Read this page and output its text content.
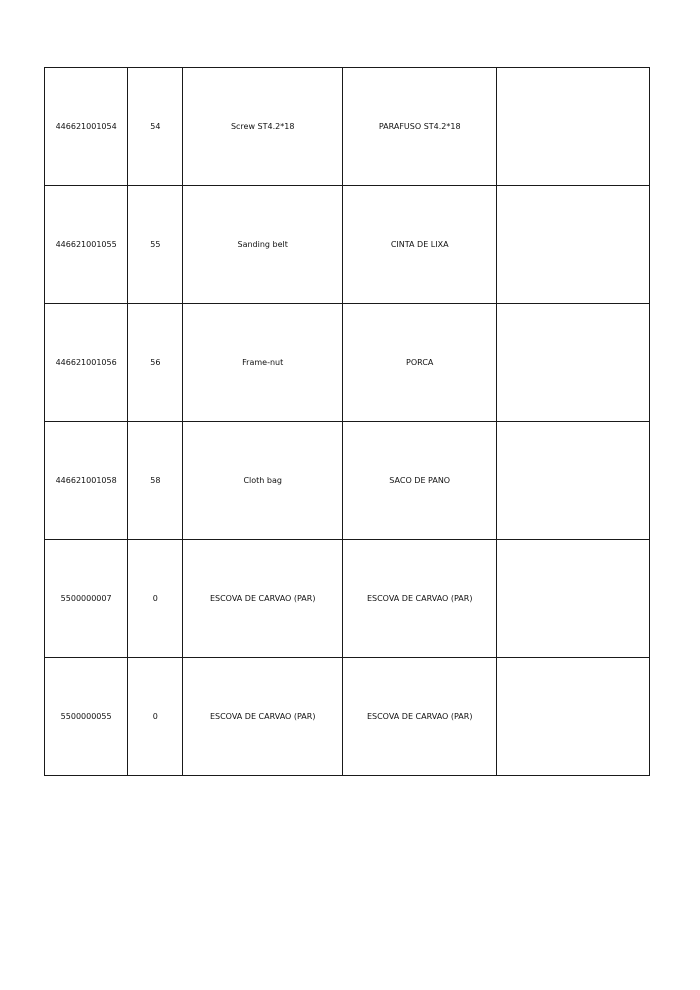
446621001054	54	Screw ST4.2*18	PARAFUSO ST4.2*18	
446621001055	55	Sanding belt	CINTA DE LIXA	
446621001056	56	Frame-nut	PORCA	
446621001058	58	Cloth bag	SACO DE PANO	
5500000007	0	ESCOVA DE CARVAO (PAR)	ESCOVA DE CARVAO (PAR)	
5500000055	0	ESCOVA DE CARVAO (PAR)	ESCOVA DE CARVAO (PAR)	
